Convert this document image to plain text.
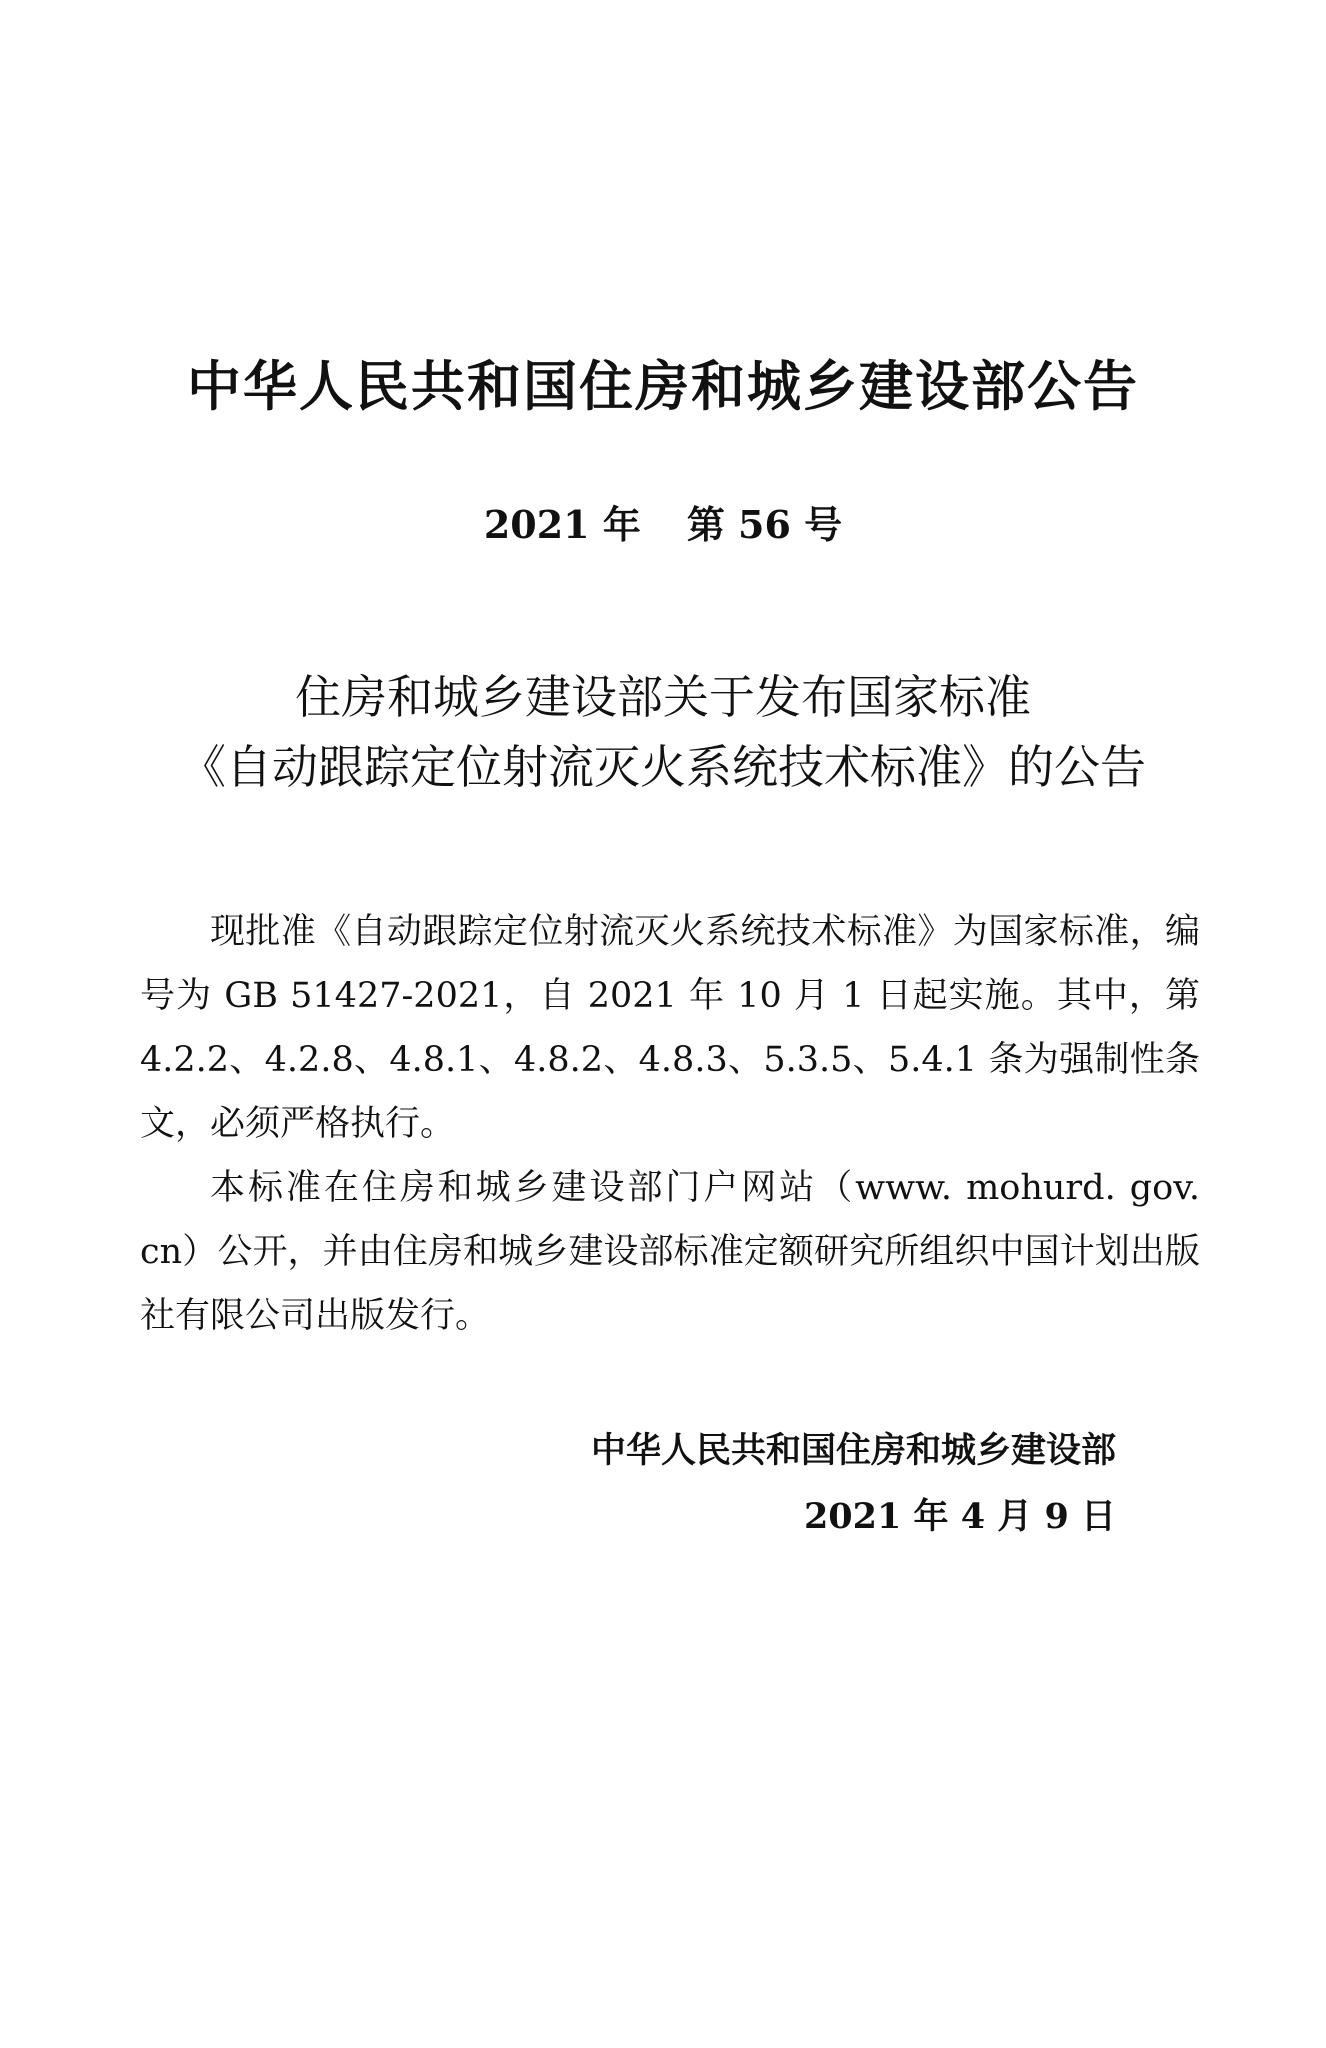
中华人民共和国住房和城乡建设部公告
2021 年 第 56 号
住房和城乡建设部关于发布国家标准
《自动跟踪定位射流灭火系统技术标准》的公告

现批准《自动跟踪定位射流灭火系统技术标准》为国家标准，编号为 GB 51427-2021，自 2021 年 10 月 1 日起实施。其中，第 4.2.2、4.2.8、4.8.1、4.8.2、4.8.3、5.3.5、5.4.1 条为强制性条文，必须严格执行。

本标准在住房和城乡建设部门户网站（www. mohurd. gov. cn）公开，并由住房和城乡建设部标准定额研究所组织中国计划出版社有限公司出版发行。

中华人民共和国住房和城乡建设部
2021 年 4 月 9 日
